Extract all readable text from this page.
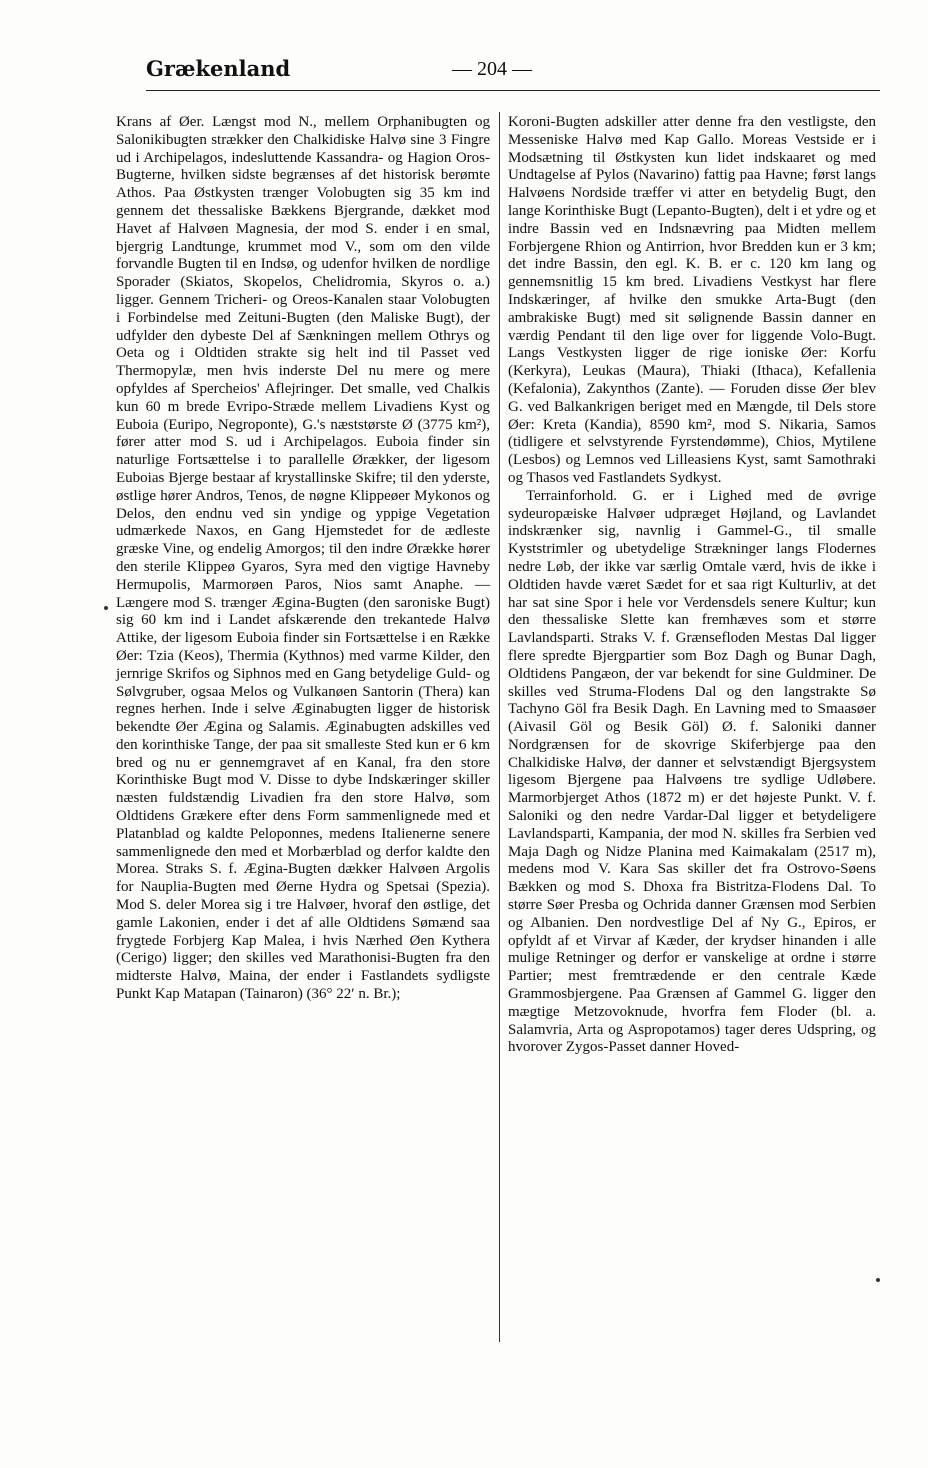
Grækenland	— 204 —

Krans af Øer. Længst mod N., mellem Orphanibugten og Salonikibugten strækker den Chalkidiske Halvø sine 3 Fingre ud i Archipelagos, indesluttende Kassandra- og Hagion Oros-Bugterne, hvilken sidste begrænses af det historisk berømte Athos. Paa Østkysten trænger Volobugten sig 35 km ind gennem det thessaliske Bækkens Bjergrande, dækket mod Havet af Halvøen Magnesia, der mod S. ender i en smal, bjergrig Landtunge, krummet mod V., som om den vilde forvandle Bugten til en Indsø, og udenfor hvilken de nordlige Sporader (Skiatos, Skopelos, Chelidromia, Skyros o. a.) ligger. Gennem Tricheri- og Oreos-Kanalen staar Volobugten i Forbindelse med Zeituni-Bugten (den Maliske Bugt), der udfylder den dybeste Del af Sænkningen mellem Othrys og Oeta og i Oldtiden strakte sig helt ind til Passet ved Thermopylæ, men hvis inderste Del nu mere og mere opfyldes af Spercheios' Aflejringer. Det smalle, ved Chalkis kun 60 m brede Evripo-Stræde mellem Livadiens Kyst og Euboia (Euripo, Negroponte), G.'s næststørste Ø (3775 km²), fører atter mod S. ud i Archipelagos. Euboia finder sin naturlige Fortsættelse i to parallelle Ørækker, der ligesom Euboias Bjerge bestaar af krystallinske Skifre; til den yderste, østlige hører Andros, Tenos, de nøgne Klippeøer Mykonos og Delos, den endnu ved sin yndige og yppige Vegetation udmærkede Naxos, en Gang Hjemstedet for de ædleste græske Vine, og endelig Amorgos; til den indre Ørække hører den sterile Klippeø Gyaros, Syra med den vigtige Havneby Hermupolis, Marmorøen Paros, Nios samt Anaphe. — Længere mod S. trænger Ægina-Bugten (den saroniske Bugt) sig 60 km ind i Landet afskærende den trekantede Halvø Attike, der ligesom Euboia finder sin Fortsættelse i en Række Øer: Tzia (Keos), Thermia (Kythnos) med varme Kilder, den jernrige Skrifos og Siphnos med en Gang betydelige Guld- og Sølvgruber, ogsaa Melos og Vulkanøen Santorin (Thera) kan regnes herhen. Inde i selve Æginabugten ligger de historisk bekendte Øer Ægina og Salamis. Æginabugten adskilles ved den korinthiske Tange, der paa sit smalleste Sted kun er 6 km bred og nu er gennemgravet af en Kanal, fra den store Korinthiske Bugt mod V. Disse to dybe Indskæringer skiller næsten fuldstændig Livadien fra den store Halvø, som Oldtidens Grækere efter dens Form sammenlignede med et Platanblad og kaldte Peloponnes, medens Italienerne senere sammenlignede den med et Morbærblad og derfor kaldte den Morea. Straks S. f. Ægina-Bugten dækker Halvøen Argolis for Nauplia-Bugten med Øerne Hydra og Spetsai (Spezia). Mod S. deler Morea sig i tre Halvøer, hvoraf den østlige, det gamle Lakonien, ender i det af alle Oldtidens Sømænd saa frygtede Forbjerg Kap Malea, i hvis Nærhed Øen Kythera (Cerigo) ligger; den skilles ved Marathonisi-Bugten fra den midterste Halvø, Maina, der ender i Fastlandets sydligste Punkt Kap Matapan (Tainaron) (36° 22′ n. Br.);

Koroni-Bugten adskiller atter denne fra den vestligste, den Messeniske Halvø med Kap Gallo. Moreas Vestside er i Modsætning til Østkysten kun lidet indskaaret og med Undtagelse af Pylos (Navarino) fattig paa Havne; først langs Halvøens Nordside træffer vi atter en betydelig Bugt, den lange Korinthiske Bugt (Lepanto-Bugten), delt i et ydre og et indre Bassin ved en Indsnævring paa Midten mellem Forbjergene Rhion og Antirrion, hvor Bredden kun er 3 km; det indre Bassin, den egl. K. B. er c. 120 km lang og gennemsnitlig 15 km bred. Livadiens Vestkyst har flere Indskæringer, af hvilke den smukke Arta-Bugt (den ambrakiske Bugt) med sit sølignende Bassin danner en værdig Pendant til den lige over for liggende Volo-Bugt. Langs Vestkysten ligger de rige ioniske Øer: Korfu (Kerkyra), Leukas (Maura), Thiaki (Ithaca), Kefallenia (Kefalonia), Zakynthos (Zante). — Foruden disse Øer blev G. ved Balkankrigen beriget med en Mængde, til Dels store Øer: Kreta (Kandia), 8590 km², mod S. Nikaria, Samos (tidligere et selvstyrende Fyrstendømme), Chios, Mytilene (Lesbos) og Lemnos ved Lilleasiens Kyst, samt Samothraki og Thasos ved Fastlandets Sydkyst.

Terrainforhold. G. er i Lighed med de øvrige sydeuropæiske Halvøer udpræget Højland, og Lavlandet indskrænker sig, navnlig i Gammel-G., til smalle Kyststrimler og ubetydelige Strækninger langs Flodernes nedre Løb, der ikke var særlig Omtale værd, hvis de ikke i Oldtiden havde været Sædet for et saa rigt Kulturliv, at det har sat sine Spor i hele vor Verdensdels senere Kultur; kun den thessaliske Slette kan fremhæves som et større Lavlandsparti. Straks V. f. Grænsefloden Mestas Dal ligger flere spredte Bjergpartier som Boz Dagh og Bunar Dagh, Oldtidens Pangæon, der var bekendt for sine Guldminer. De skilles ved Struma-Flodens Dal og den langstrakte Sø Tachyno Göl fra Besik Dagh. En Lavning med to Smaasøer (Aivasil Göl og Besik Göl) Ø. f. Saloniki danner Nordgrænsen for de skovrige Skiferbjerge paa den Chalkidiske Halvø, der danner et selvstændigt Bjergsystem ligesom Bjergene paa Halvøens tre sydlige Udløbere. Marmorbjerget Athos (1872 m) er det højeste Punkt. V. f. Saloniki og den nedre Vardar-Dal ligger et betydeligere Lavlandsparti, Kampania, der mod N. skilles fra Serbien ved Maja Dagh og Nidze Planina med Kaimakalam (2517 m), medens mod V. Kara Sas skiller det fra Ostrovo-Søens Bækken og mod S. Dhoxa fra Bistritza-Flodens Dal. To større Søer Presba og Ochrida danner Grænsen mod Serbien og Albanien. Den nordvestlige Del af Ny G., Epiros, er opfyldt af et Virvar af Kæder, der krydser hinanden i alle mulige Retninger og derfor er vanskelige at ordne i større Partier; mest fremtrædende er den centrale Kæde Grammosbjergene. Paa Grænsen af Gammel G. ligger den mægtige Metzovoknude, hvorfra fem Floder (bl. a. Salamvria, Arta og Aspropotamos) tager deres Udspring, og hvorover Zygos-Passet danner Hoved-
